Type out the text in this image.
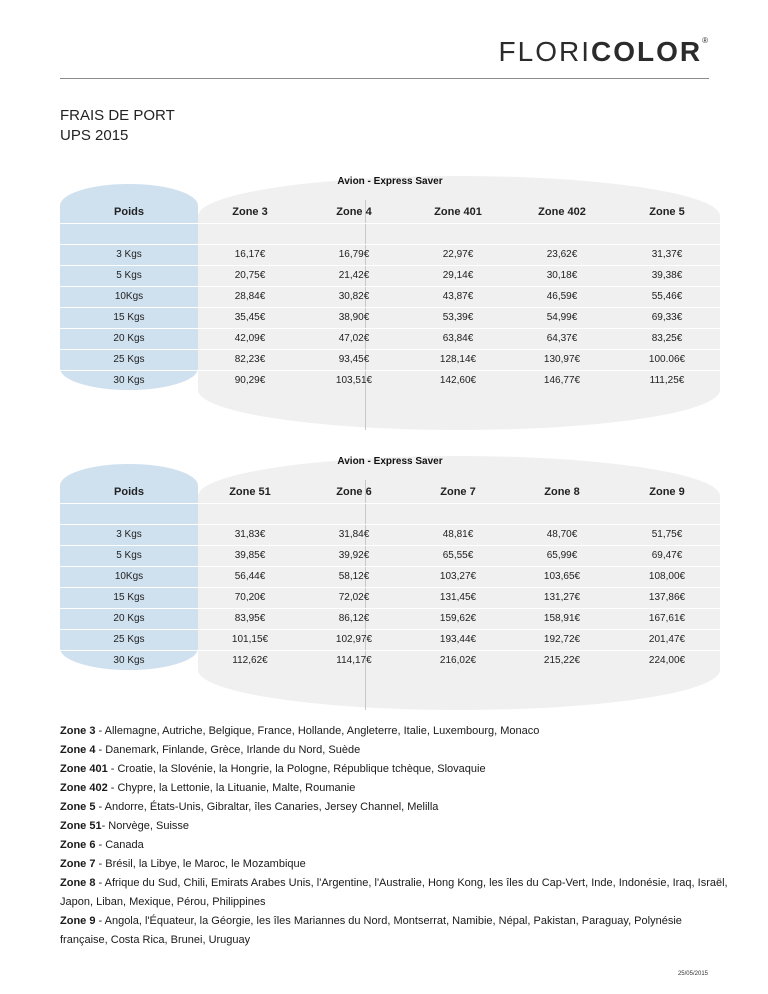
FLORICOLOR®
FRAIS DE PORT
UPS 2015
Avion - Express Saver
Poids	Zone 3	Zone 4	Zone 401	Zone 402	Zone 5
3 Kgs	16,17€	16,79€	22,97€	23,62€	31,37€
5 Kgs	20,75€	21,42€	29,14€	30,18€	39,38€
10Kgs	28,84€	30,82€	43,87€	46,59€	55,46€
15 Kgs	35,45€	38,90€	53,39€	54,99€	69,33€
20 Kgs	42,09€	47,02€	63,84€	64,37€	83,25€
25 Kgs	82,23€	93,45€	128,14€	130,97€	100.06€
30 Kgs	90,29€	103,51€	142,60€	146,77€	111,25€
Avion - Express Saver
Poids	Zone 51	Zone 6	Zone 7	Zone 8	Zone 9
3 Kgs	31,83€	31,84€	48,81€	48,70€	51,75€
5 Kgs	39,85€	39,92€	65,55€	65,99€	69,47€
10Kgs	56,44€	58,12€	103,27€	103,65€	108,00€
15 Kgs	70,20€	72,02€	131,45€	131,27€	137,86€
20 Kgs	83,95€	86,12€	159,62€	158,91€	167,61€
25 Kgs	101,15€	102,97€	193,44€	192,72€	201,47€
30 Kgs	112,62€	114,17€	216,02€	215,22€	224,00€

Zone 3 - Allemagne, Autriche, Belgique, France, Hollande, Angleterre, Italie, Luxembourg, Monaco

Zone 4 - Danemark, Finlande, Grèce, Irlande du Nord, Suède

Zone 401 - Croatie, la Slovénie, la Hongrie, la Pologne, République tchèque, Slovaquie

Zone 402 - Chypre, la Lettonie, la Lituanie, Malte, Roumanie

Zone 5 - Andorre, États-Unis, Gibraltar, îles Canaries, Jersey Channel, Melilla

Zone 51- Norvège, Suisse

Zone 6 - Canada

Zone 7 - Brésil, la Libye, le Maroc, le Mozambique

Zone 8 - Afrique du Sud, Chili, Emirats Arabes Unis, l'Argentine, l'Australie, Hong Kong, les îles du Cap-Vert, Inde, Indonésie, Iraq, Israël, Japon, Liban, Mexique, Pérou, Philippines

Zone 9 - Angola, l'Équateur, la Géorgie, les îles Mariannes du Nord, Montserrat, Namibie, Népal, Pakistan, Paraguay, Polynésie française, Costa Rica, Brunei, Uruguay

25/05/2015
